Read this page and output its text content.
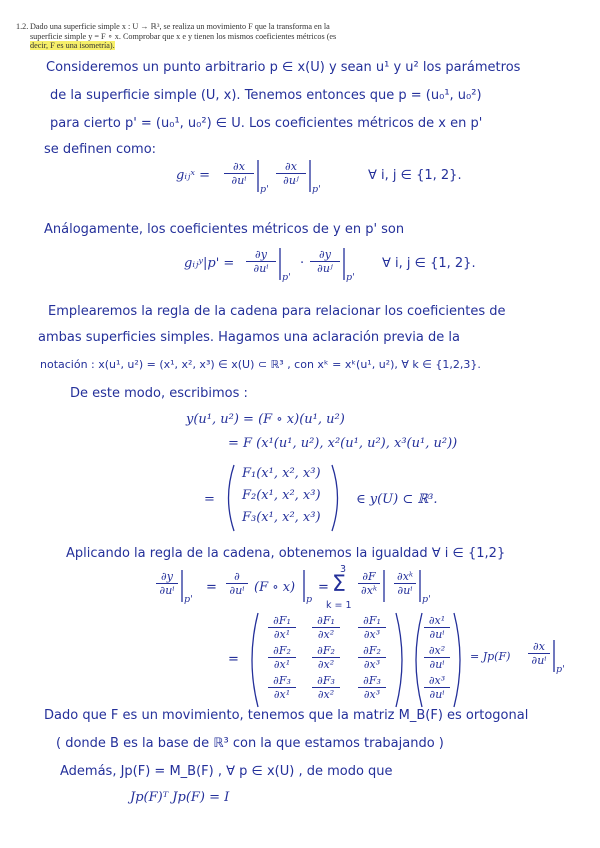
1.2. Dado una superficie simple x : U → ℝ³, se realiza un movimiento F que la transforma en la
superficie simple y = F ∘ x. Comprobar que x e y tienen los mismos coeficientes métricos (es
decir, F es una isometría).
Consideremos un punto arbitrario p ∈ x(U) y sean u¹ y u² los parámetros
de la superficie simple (U, x). Tenemos entonces que p = (u₀¹, u₀²)
para cierto p' = (u₀¹, u₀²) ∈ U. Los coeficientes métricos de x en p'
se definen como:
gᵢⱼˣ = $\frac{\partial x}{\text{∂uⁱ}}$
p'
$\frac{\partial x}{\text{∂uʲ}}$
p'
∀ i, j ∈ {1, 2}.
Análogamente, los coeficientes métricos de y en p' son
gᵢⱼʸ|p' = $\frac{\partial y}{\text{∂uⁱ}}$
p'
· $\frac{\partial y}{\text{∂uʲ}}$
p'
∀ i, j ∈ {1, 2}.
Emplearemos la regla de la cadena para relacionar los coeficientes de
ambas superficies simples. Hagamos una aclaración previa de la
notación : x(u¹, u²) = (x¹, x², x³) ∈ x(U) ⊂ ℝ³ , con xᵏ = xᵏ(u¹, u²), ∀ k ∈ {1,2,3}.
De este modo, escribimos :
y(u¹, u²) = (F ∘ x)(u¹, u²)
= F (x¹(u¹, u²), x²(u¹, u²), x³(u¹, u²))
=
F₁(x¹, x², x³)
F₂(x¹, x², x³)
F₃(x¹, x², x³)
∈ y(U) ⊂ ℝ³.
Aplicando la regla de la cadena, obtenemos la igualdad ∀ i ∈ {1,2}
$\frac{\partial y}{\text{∂uⁱ}}$
p'
=
∂
∂uⁱ (F ∘ x)
p
=
3
Σ
k = 1
$\frac{\partial F}{\text{∂xᵏ}} \frac{\text{∂xᵏ}}{\text{∂uⁱ}}$
p'
=
$\frac{\text{∂F₁}}{\text{∂x¹}} \frac{\text{∂F₁}}{\text{∂x²}} \frac{\text{∂F₁}}{\text{∂x³}}$
$\frac{\text{∂F₂}}{\text{∂x¹}} \frac{\text{∂F₂}}{\text{∂x²}} \frac{\text{∂F₂}}{\text{∂x³}}$
$\frac{\text{∂F₃}}{\text{∂x¹}} \frac{\text{∂F₃}}{\text{∂x²}} \frac{\text{∂F₃}}{\text{∂x³}}$
$\frac{\text{∂x¹}}{\text{∂uⁱ}}$
$\frac{\text{∂x²}}{\text{∂uⁱ}}$
$\frac{\text{∂x³}}{\text{∂uⁱ}}$
= $Jp(F) \frac{\partial x}{\text{∂uⁱ}}$
p'
Dado que F es un movimiento, tenemos que la matriz M_B(F) es ortogonal
( donde B es la base de ℝ³ con la que estamos trabajando )
Además, Jp(F) = M_B(F) , ∀ p ∈ x(U) , de modo que
Jp(F)ᵀ Jp(F) = I
